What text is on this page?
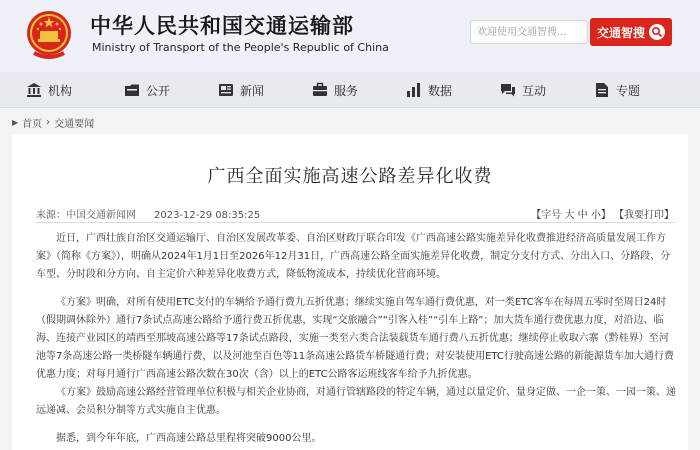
中华人民共和国交通运输部
Ministry of Transport of the People's Republic of China
欢迎使用交通智搜...
交通智搜
机构	公开	新闻	服务	数据	互动	专题
▶ 首页 › 交通要闻
广西全面实施高速公路差异化收费
来源：中国交通新闻网 2023-12-29 08:35:25	【字号 大 中 小】 【我要打印】

近日，广西壮族自治区交通运输厅、自治区发展改革委、自治区财政厅联合印发《广西高速公路实施差异化收费推进经济高质量发展工作方案》（简称《方案》），明确从2024年1月1日至2026年12月31日，广西高速公路全面实施差异化收费，制定分支付方式、分出入口、分路段、分车型、分时段和分方向、自主定价六种差异化收费方式，降低物流成本，持续优化营商环境。

《方案》明确，对所有使用ETC支付的车辆给予通行费九五折优惠；继续实施自驾车通行费优惠，对一类ETC客车在每周五零时至周日24时（假期调休除外）通行7条试点高速公路给予通行费五折优惠，实现“交旅融合”“引客入桂”“引车上路”；加大货车通行费优惠力度，对沿边、临海、连接产业园区的靖西至那坡高速公路等17条试点路段，实施一类至六类合法装载货车通行费八五折优惠；继续停止收取六寨（黔桂界）至河池等7条高速公路一类桥隧车辆通行费，以及河池至百色等11条高速公路货车桥隧通行费；对安装使用ETC行驶高速公路的新能源货车加大通行费优惠力度；对每月通行广西高速公路次数在30次（含）以上的ETC公路客运班线客车给予九折优惠。

《方案》鼓励高速公路经营管理单位积极与相关企业协商，对通行管辖路段的特定车辆，通过以量定价、量身定做、一企一策、一园一策、递远递减、会员积分制等方式实施自主优惠。

据悉，到今年年底，广西高速公路总里程将突破9000公里。
